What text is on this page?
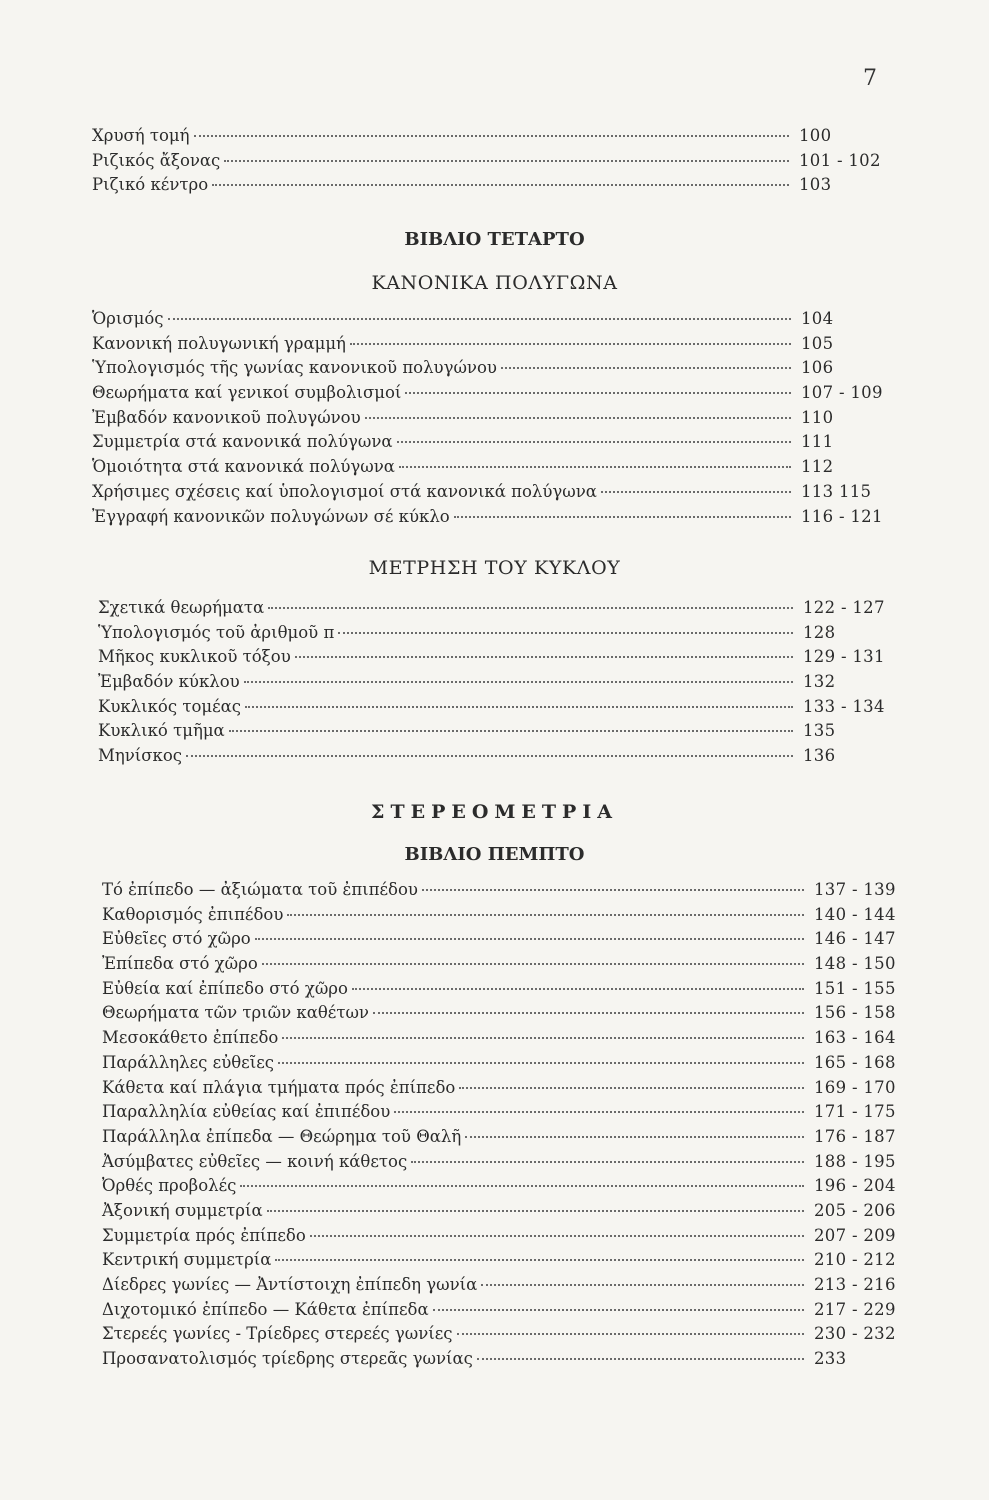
7
Χρυσή τομή	100
Ριζικός ἄξονας	101 - 102
Ριζικό κέντρο	103
ΒΙΒΛΙΟ ΤΕΤΑΡΤΟ
ΚΑΝΟΝΙΚΑ ΠΟΛΥΓΩΝΑ
Ὁρισμός	104
Κανονική πολυγωνική γραμμή	105
Ὑπολογισμός τῆς γωνίας κανονικοῦ πολυγώνου	106
Θεωρήματα καί γενικοί συμβολισμοί	107 - 109
Ἐμβαδόν κανονικοῦ πολυγώνου	110
Συμμετρία στά κανονικά πολύγωνα	111
Ὁμοιότητα στά κανονικά πολύγωνα	112
Χρήσιμες σχέσεις καί ὑπολογισμοί στά κανονικά πολύγωνα	113 115
Ἐγγραφή κανονικῶν πολυγώνων σέ κύκλο	116 - 121
ΜΕΤΡΗΣΗ ΤΟΥ ΚΥΚΛΟΥ
Σχετικά θεωρήματα	122 - 127
Ὑπολογισμός τοῦ ἀριθμοῦ π	128
Μῆκος κυκλικοῦ τόξου	129 - 131
Ἐμβαδόν κύκλου	132
Κυκλικός τομέας	133 - 134
Κυκλικό τμῆμα	135
Μηνίσκος	136
ΣΤΕΡΕΟΜΕΤΡΙΑ
ΒΙΒΛΙΟ ΠΕΜΠΤΟ
Τό ἐπίπεδο — ἀξιώματα τοῦ ἐπιπέδου	137 - 139
Καθορισμός ἐπιπέδου	140 - 144
Εὐθεῖες στό χῶρο	146 - 147
Ἐπίπεδα στό χῶρο	148 - 150
Εὐθεία καί ἐπίπεδο στό χῶρο	151 - 155
Θεωρήματα τῶν τριῶν καθέτων	156 - 158
Μεσοκάθετο ἐπίπεδο	163 - 164
Παράλληλες εὐθεῖες	165 - 168
Κάθετα καί πλάγια τμήματα πρός ἐπίπεδο	169 - 170
Παραλληλία εὐθείας καί ἐπιπέδου	171 - 175
Παράλληλα ἐπίπεδα — Θεώρημα τοῦ Θαλῆ	176 - 187
Ἀσύμβατες εὐθεῖες — κοινή κάθετος	188 - 195
Ὀρθές προβολές	196 - 204
Ἀξονική συμμετρία	205 - 206
Συμμετρία πρός ἐπίπεδο	207 - 209
Κεντρική συμμετρία	210 - 212
Δίεδρες γωνίες — Ἀντίστοιχη ἐπίπεδη γωνία	213 - 216
Διχοτομικό ἐπίπεδο — Κάθετα ἐπίπεδα	217 - 229
Στερεές γωνίες - Τρίεδρες στερεές γωνίες	230 - 232
Προσανατολισμός τρίεδρης στερεᾶς γωνίας	233
